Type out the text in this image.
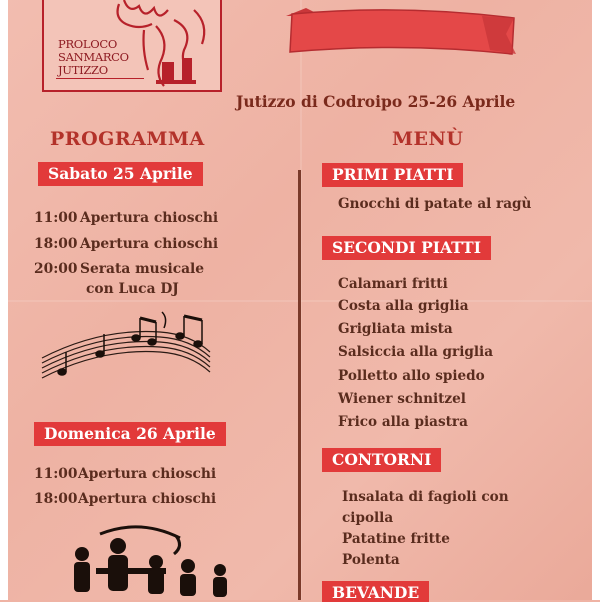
PROLOCO
SANMARCO
JUTIZZO
Jutizzo di Codroipo 25-26 Aprile
PROGRAMMA
Sabato 25 Aprile
11:00 Apertura chioschi
18:00 Apertura chioschi
20:00 Serata musicale
con Luca DJ
Domenica 26 Aprile
11:00Apertura chioschi
18:00Apertura chioschi
MENÙ
PRIMI PIATTI
Gnocchi di patate al ragù
SECONDI PIATTI
Calamari fritti
Costa alla griglia
Grigliata mista
Salsiccia alla griglia
Polletto allo spiedo
Wiener schnitzel
Frico alla piastra
CONTORNI
Insalata di fagioli con
cipolla
Patatine fritte
Polenta
BEVANDE
